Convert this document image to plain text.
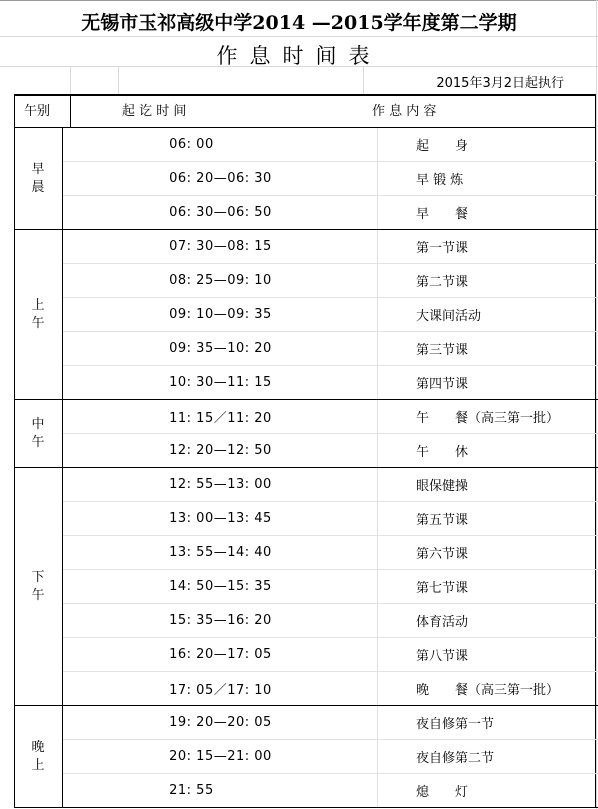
无锡市玉祁高级中学2014 —2015学年度第二学期
作息时间表
2015年3月2日起执行
午别	起 讫 时 间	作 息 内 容
早
晨	06: 00		起　　身
	06: 20—06: 30		早 锻 炼
	06: 30—06: 50		早　　餐
上
午	07: 30—08: 15		第一节课
	08: 25—09: 10		第二节课
	09: 10—09: 35		大课间活动
	09: 35—10: 20		第三节课
	10: 30—11: 15		第四节课
中
午	11: 15／11: 20		午　　餐（高三第一批）
	12: 20—12: 50		午　　休
下
午	12: 55—13: 00		眼保健操
	13: 00—13: 45		第五节课
	13: 55—14: 40		第六节课
	14: 50—15: 35		第七节课
	15: 35—16: 20		体育活动
	16: 20—17: 05		第八节课
	17: 05／17: 10		晚　　餐（高三第一批）
晚
上	19: 20—20: 05		夜自修第一节
	20: 15—21: 00		夜自修第二节
	21: 55		熄　　灯
